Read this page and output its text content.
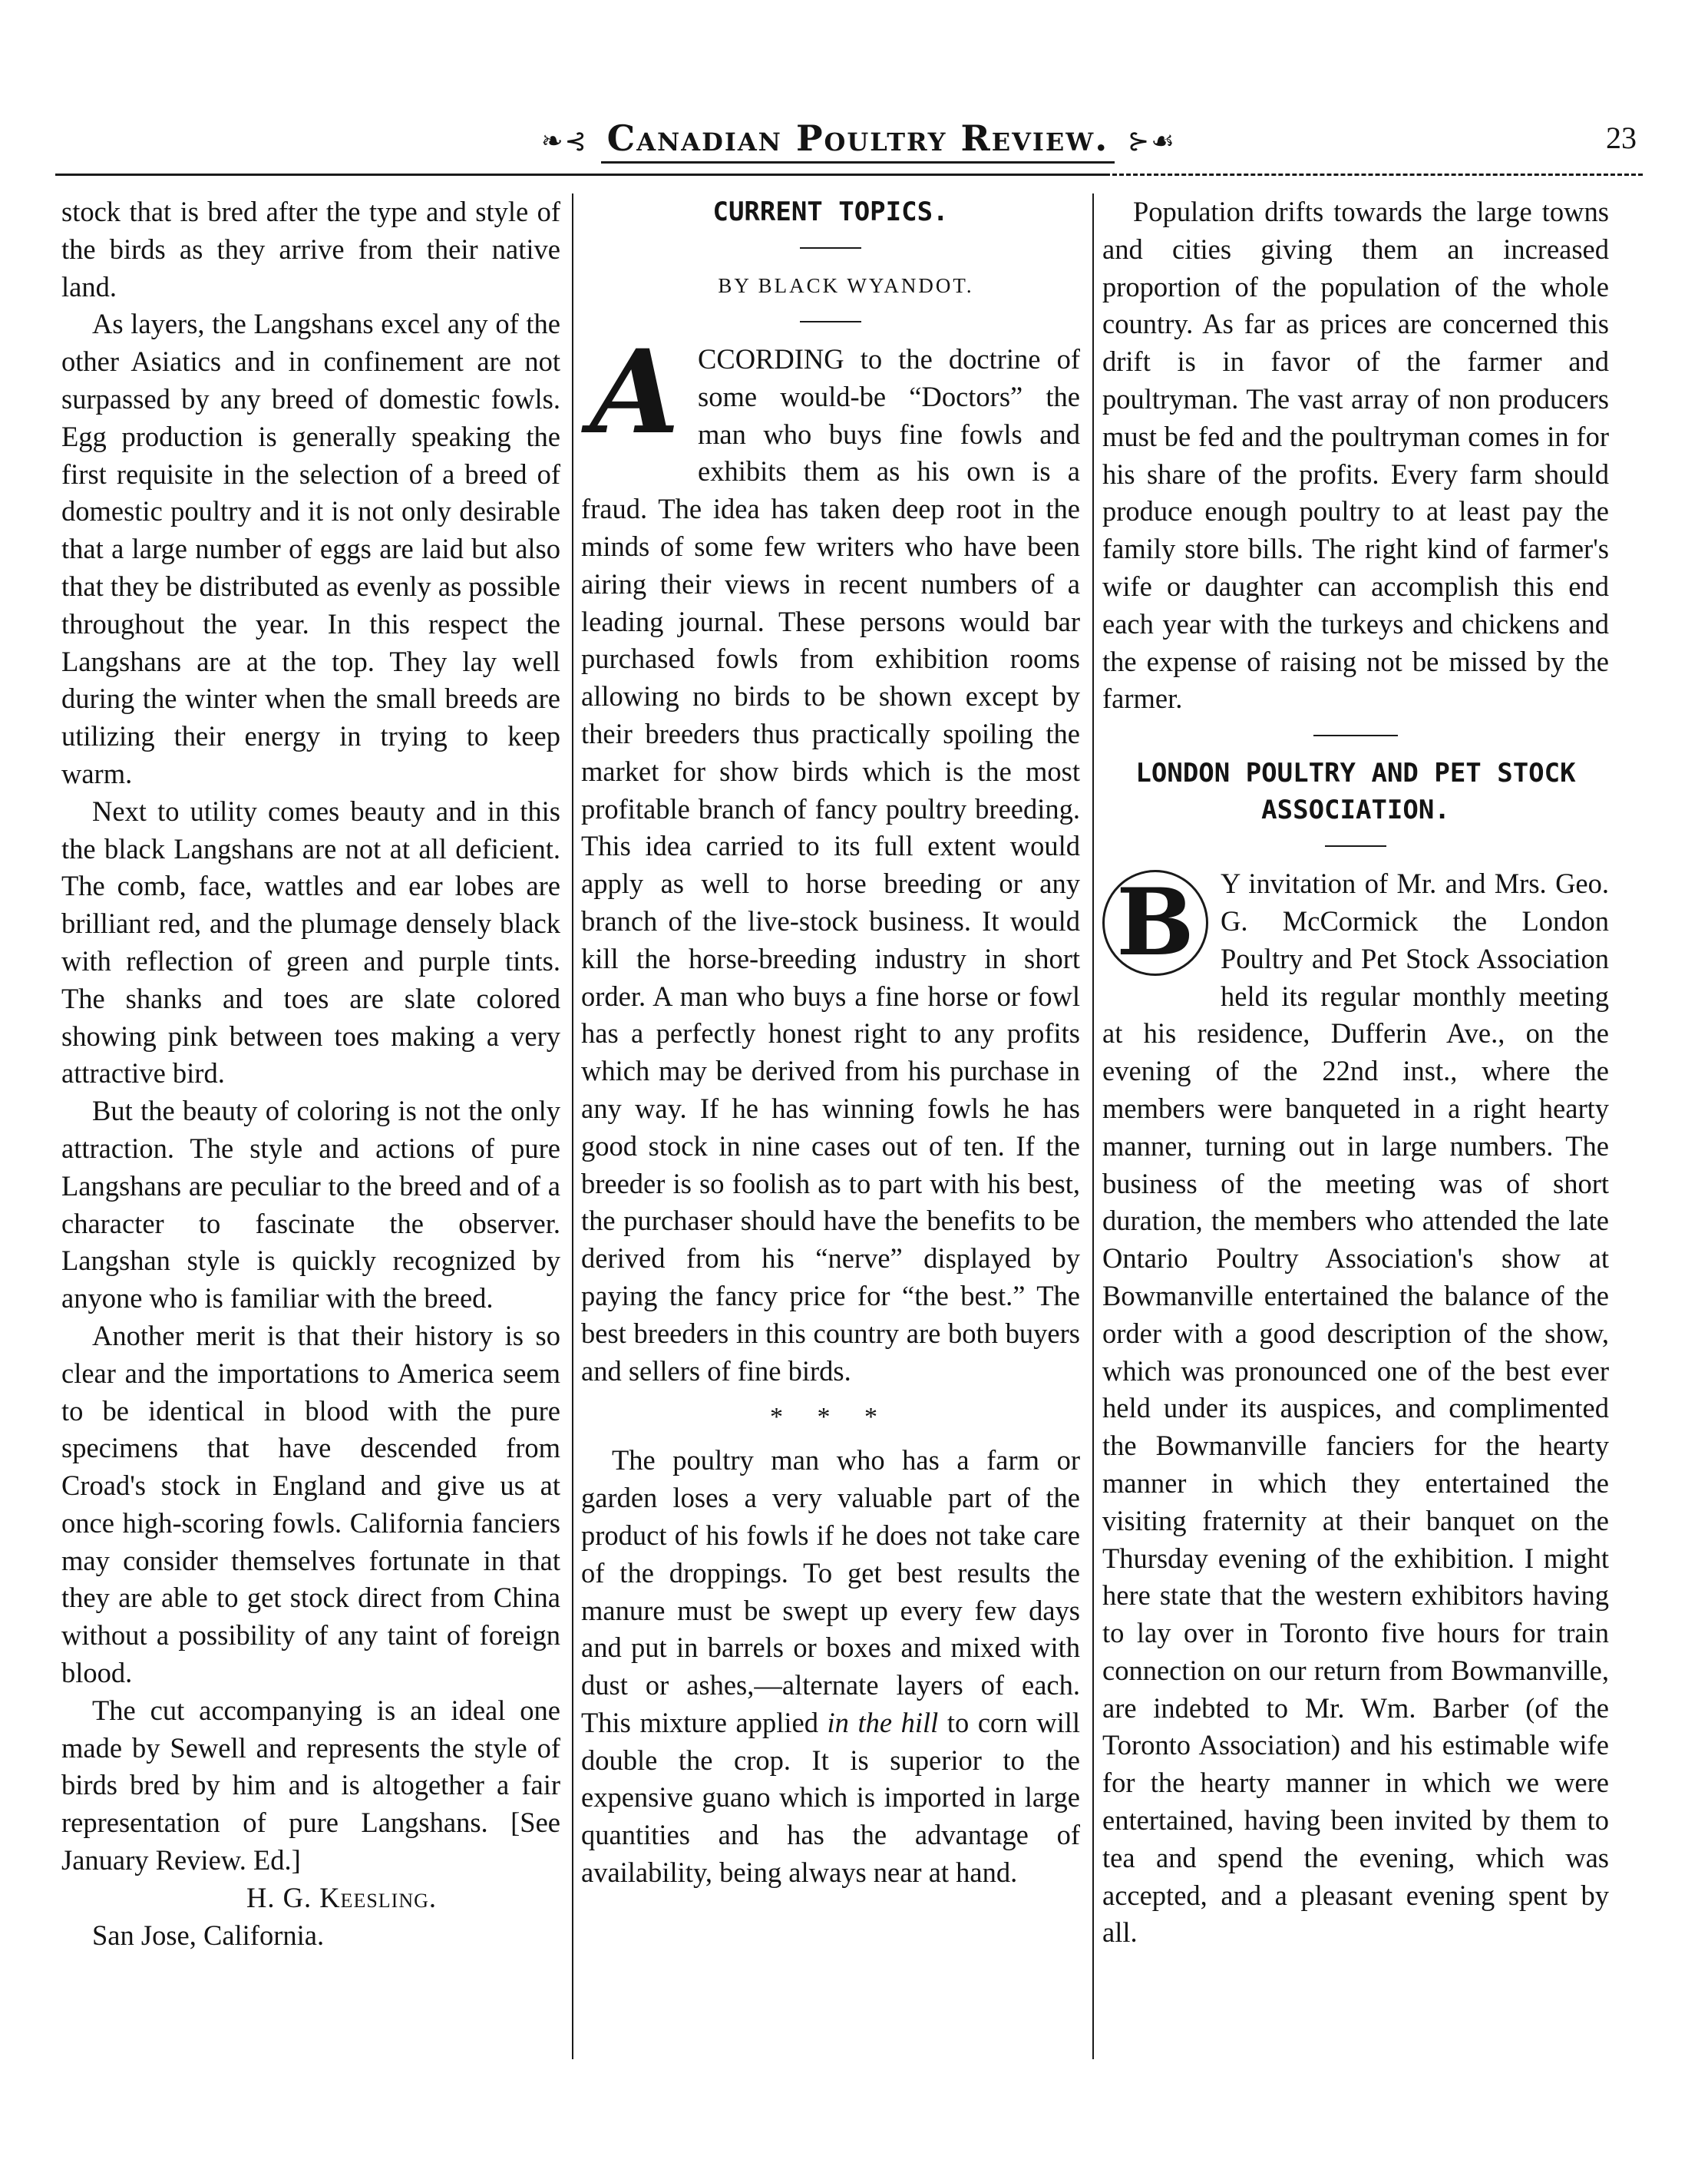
❧⊰ Canadian Poultry Review. ⊱☙	23

stock that is bred after the type and style of the birds as they arrive from their native land.

As layers, the Langshans excel any of the other Asiatics and in confinement are not surpassed by any breed of domestic fowls. Egg production is generally speaking the first requisite in the selection of a breed of domestic poultry and it is not only desirable that a large number of eggs are laid but also that they be distributed as evenly as possible throughout the year. In this respect the Langshans are at the top. They lay well during the winter when the small breeds are utilizing their energy in trying to keep warm.

Next to utility comes beauty and in this the black Langshans are not at all deficient. The comb, face, wattles and ear lobes are brilliant red, and the plumage densely black with reflection of green and purple tints. The shanks and toes are slate colored showing pink between toes making a very attractive bird.

But the beauty of coloring is not the only attraction. The style and actions of pure Langshans are peculiar to the breed and of a character to fascinate the observer. Langshan style is quickly recognized by anyone who is familiar with the breed.

Another merit is that their history is so clear and the importations to America seem to be identical in blood with the pure specimens that have descended from Croad's stock in England and give us at once high-scoring fowls. California fanciers may consider themselves fortunate in that they are able to get stock direct from China without a possibility of any taint of foreign blood.

The cut accompanying is an ideal one made by Sewell and represents the style of birds bred by him and is altogether a fair representation of pure Langshans. [See January Review. Ed.]

H. G. Keesling.

San Jose, California.

CURRENT TOPICS.

BY BLACK WYANDOT.

ACCORDING to the doctrine of some would-be “Doctors” the man who buys fine fowls and exhibits them as his own is a fraud. The idea has taken deep root in the minds of some few writers who have been airing their views in recent numbers of a leading journal. These persons would bar purchased fowls from exhibition rooms allowing no birds to be shown except by their breeders thus practically spoiling the market for show birds which is the most profitable branch of fancy poultry breeding. This idea carried to its full extent would apply as well to horse breeding or any branch of the live-stock business. It would kill the horse-breeding industry in short order. A man who buys a fine horse or fowl has a perfectly honest right to any profits which may be derived from his purchase in any way. If he has winning fowls he has good stock in nine cases out of ten. If the breeder is so foolish as to part with his best, the purchaser should have the benefits to be derived from his “nerve” displayed by paying the fancy price for “the best.” The best breeders in this country are both buyers and sellers of fine birds.

* * *

The poultry man who has a farm or garden loses a very valuable part of the product of his fowls if he does not take care of the droppings. To get best results the manure must be swept up every few days and put in barrels or boxes and mixed with dust or ashes,—alternate layers of each. This mixture applied in the hill to corn will double the crop. It is superior to the expensive guano which is imported in large quantities and has the advantage of availability, being always near at hand.

Population drifts towards the large towns and cities giving them an increased proportion of the population of the whole country. As far as prices are concerned this drift is in favor of the farmer and poultryman. The vast array of non producers must be fed and the poultryman comes in for his share of the profits. Every farm should produce enough poultry to at least pay the family store bills. The right kind of farmer's wife or daughter can accomplish this end each year with the turkeys and chickens and the expense of raising not be missed by the farmer.

LONDON POULTRY AND PET STOCK ASSOCIATION.

B Y invitation of Mr. and Mrs. Geo. G. McCormick the London Poultry and Pet Stock Association held its regular monthly meeting at his residence, Dufferin Ave., on the evening of the 22nd inst., where the members were banqueted in a right hearty manner, turning out in large numbers. The business of the meeting was of short duration, the members who attended the late Ontario Poultry Association's show at Bowmanville entertained the balance of the order with a good description of the show, which was pronounced one of the best ever held under its auspices, and complimented the Bowmanville fanciers for the hearty manner in which they entertained the visiting fraternity at their banquet on the Thursday evening of the exhibition. I might here state that the western exhibitors having to lay over in Toronto five hours for train connection on our return from Bowmanville, are indebted to Mr. Wm. Barber (of the Toronto Association) and his estimable wife for the hearty manner in which we were entertained, having been invited by them to tea and spend the evening, which was accepted, and a pleasant evening spent by all.
